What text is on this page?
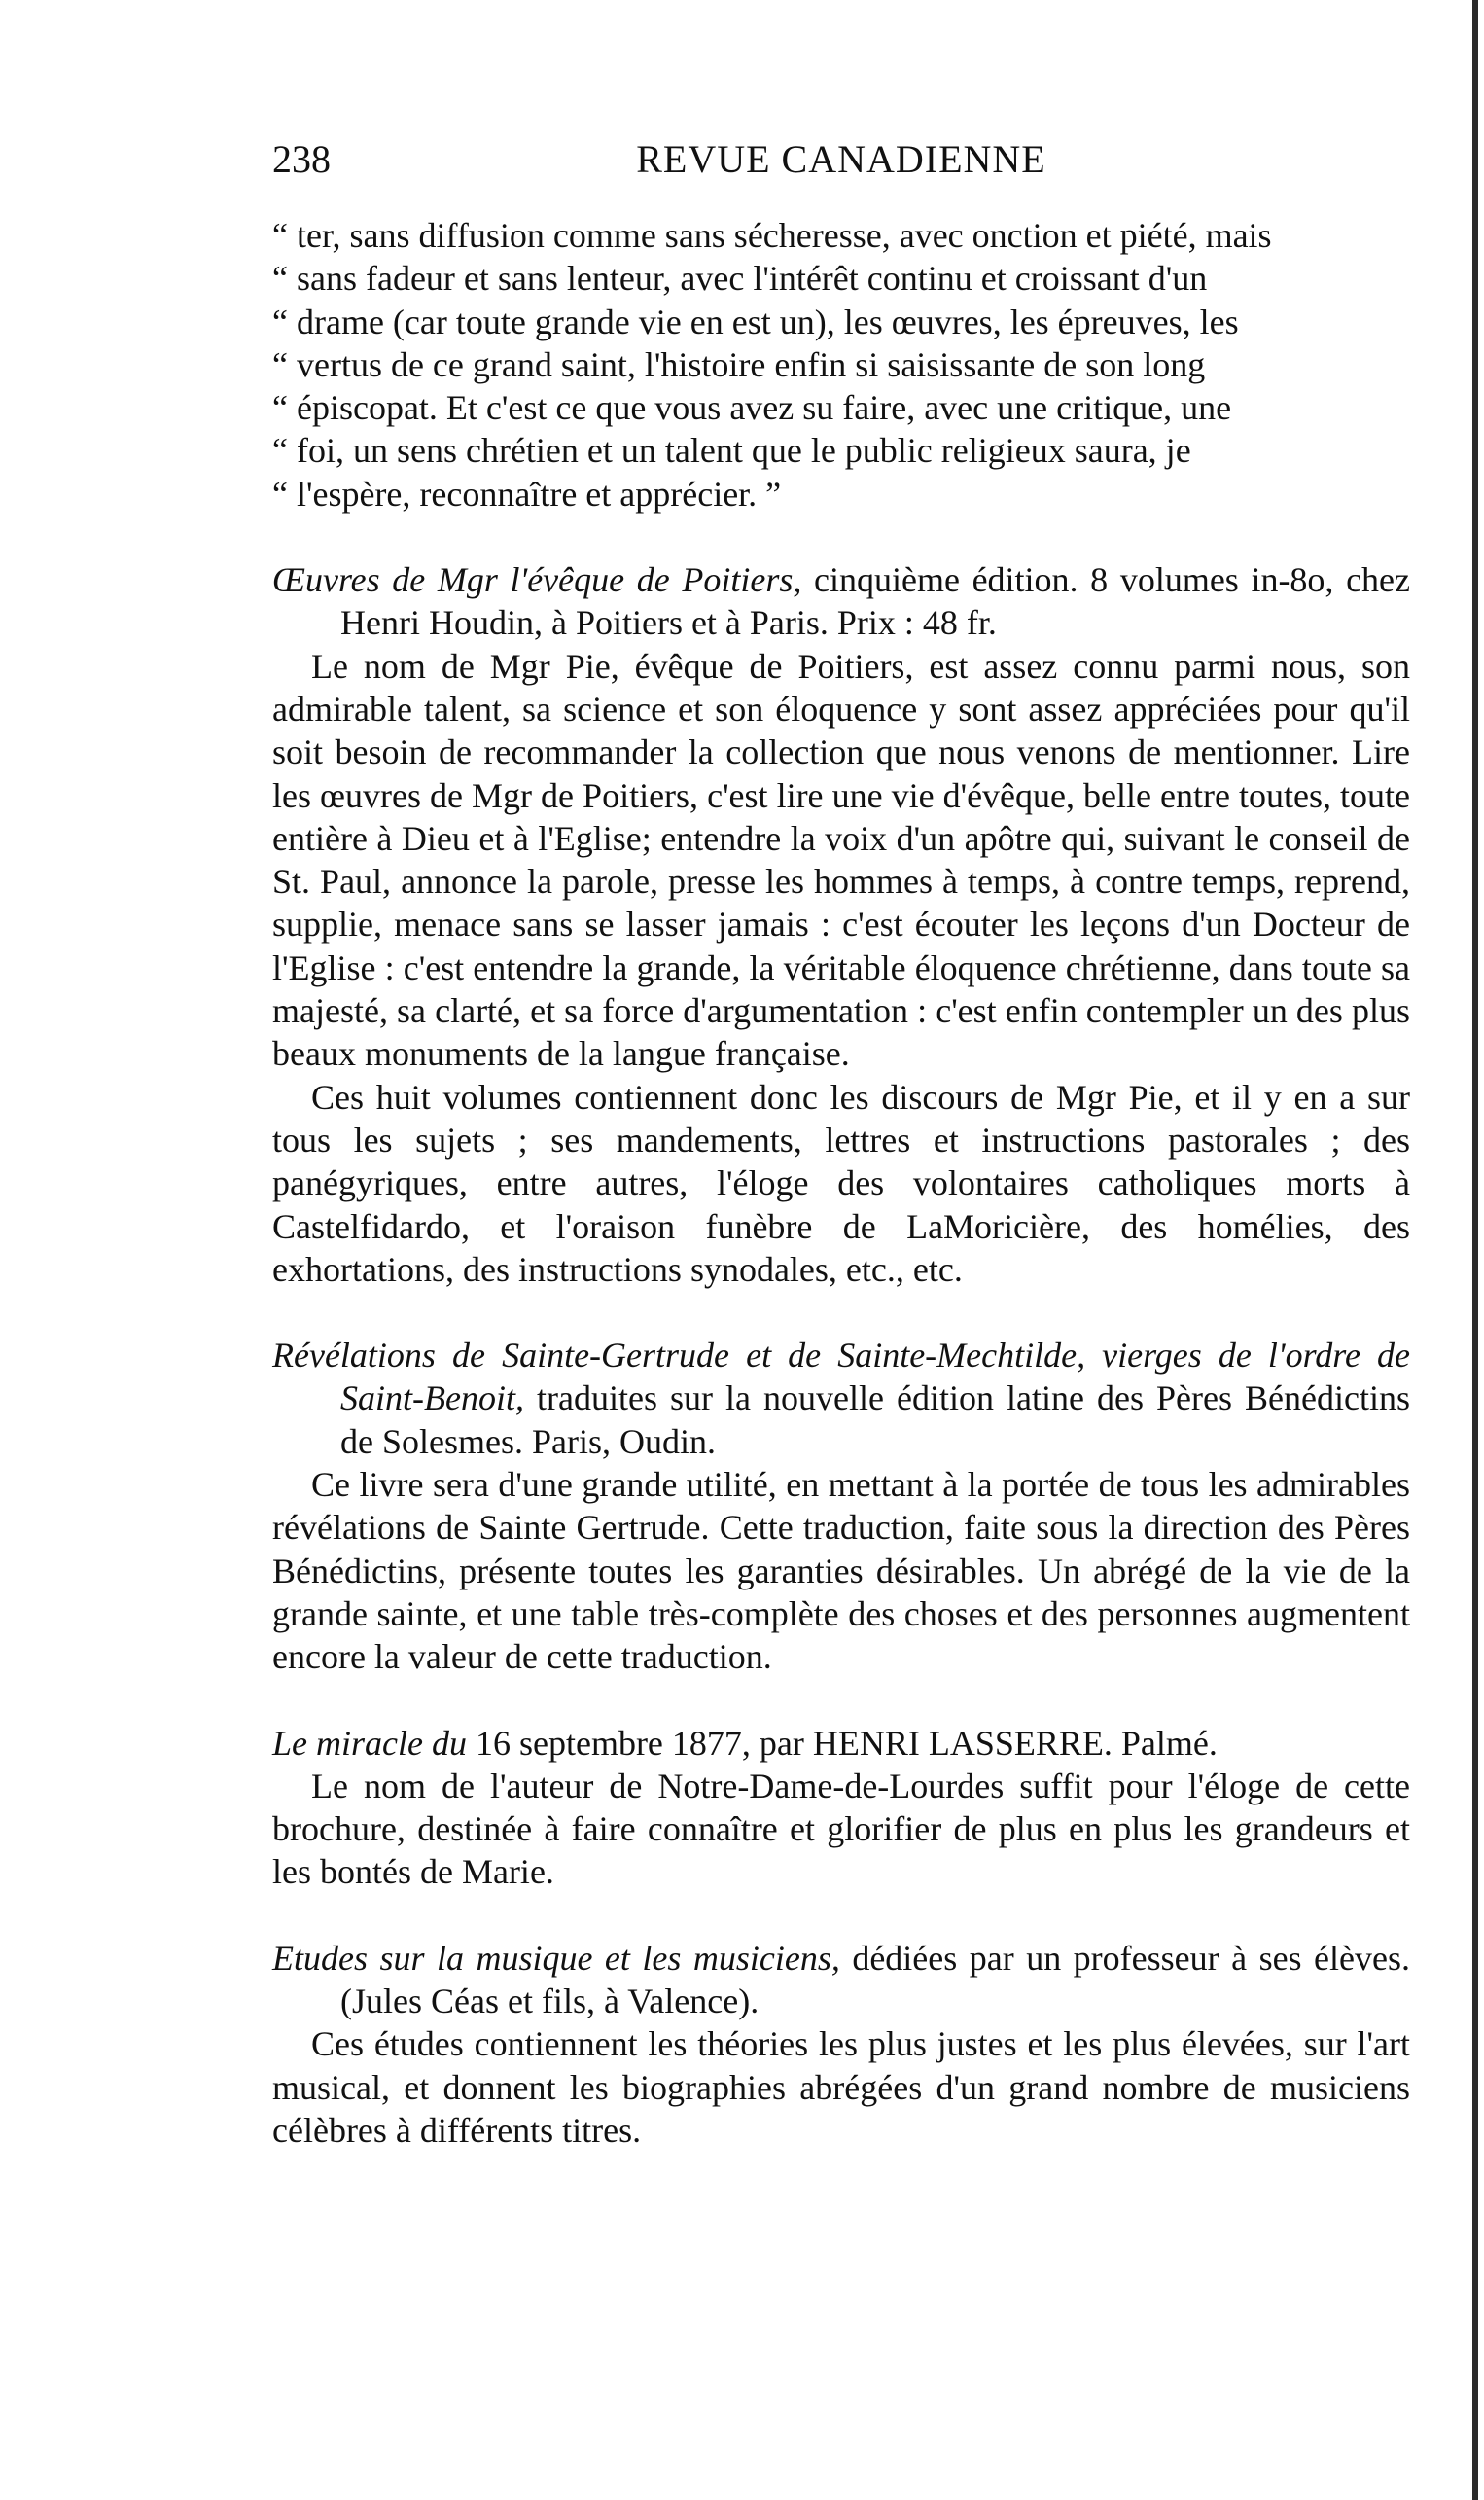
238	REVUE CANADIENNE

“ ter, sans diffusion comme sans sécheresse, avec onction et piété, mais

“ sans fadeur et sans lenteur, avec l'intérêt continu et croissant d'un

“ drame (car toute grande vie en est un), les œuvres, les épreuves, les

“ vertus de ce grand saint, l'histoire enfin si saisissante de son long

“ épiscopat. Et c'est ce que vous avez su faire, avec une critique, une

“ foi, un sens chrétien et un talent que le public religieux saura, je

“ l'espère, reconnaître et apprécier. ”

Œuvres de Mgr l'évêque de Poitiers, cinquième édition. 8 volumes in-8o, chez Henri Houdin, à Poitiers et à Paris. Prix : 48 fr.

Le nom de Mgr Pie, évêque de Poitiers, est assez connu parmi nous, son admirable talent, sa science et son éloquence y sont assez appréciées pour qu'il soit besoin de recommander la collection que nous venons de mentionner. Lire les œuvres de Mgr de Poitiers, c'est lire une vie d'évêque, belle entre toutes, toute entière à Dieu et à l'Eglise; entendre la voix d'un apôtre qui, suivant le conseil de St. Paul, annonce la parole, presse les hommes à temps, à contre temps, reprend, supplie, menace sans se lasser jamais : c'est écouter les leçons d'un Docteur de l'Eglise : c'est entendre la grande, la véritable éloquence chrétienne, dans toute sa majesté, sa clarté, et sa force d'argumentation : c'est enfin contempler un des plus beaux monuments de la langue française.

Ces huit volumes contiennent donc les discours de Mgr Pie, et il y en a sur tous les sujets ; ses mandements, lettres et instructions pastorales ; des panégyriques, entre autres, l'éloge des volontaires catholiques morts à Castelfidardo, et l'oraison funèbre de LaMoricière, des homélies, des exhortations, des instructions synodales, etc., etc.

Révélations de Sainte-Gertrude et de Sainte-Mechtilde, vierges de l'ordre de Saint-Benoit, traduites sur la nouvelle édition latine des Pères Bénédictins de Solesmes. Paris, Oudin.

Ce livre sera d'une grande utilité, en mettant à la portée de tous les admirables révélations de Sainte Gertrude. Cette traduction, faite sous la direction des Pères Bénédictins, présente toutes les garanties désirables. Un abrégé de la vie de la grande sainte, et une table très-complète des choses et des personnes augmentent encore la valeur de cette traduction.

Le miracle du 16 septembre 1877, par HENRI LASSERRE. Palmé.

Le nom de l'auteur de Notre-Dame-de-Lourdes suffit pour l'éloge de cette brochure, destinée à faire connaître et glorifier de plus en plus les grandeurs et les bontés de Marie.

Etudes sur la musique et les musiciens, dédiées par un professeur à ses élèves. (Jules Céas et fils, à Valence).

Ces études contiennent les théories les plus justes et les plus élevées, sur l'art musical, et donnent les biographies abrégées d'un grand nombre de musiciens célèbres à différents titres.
